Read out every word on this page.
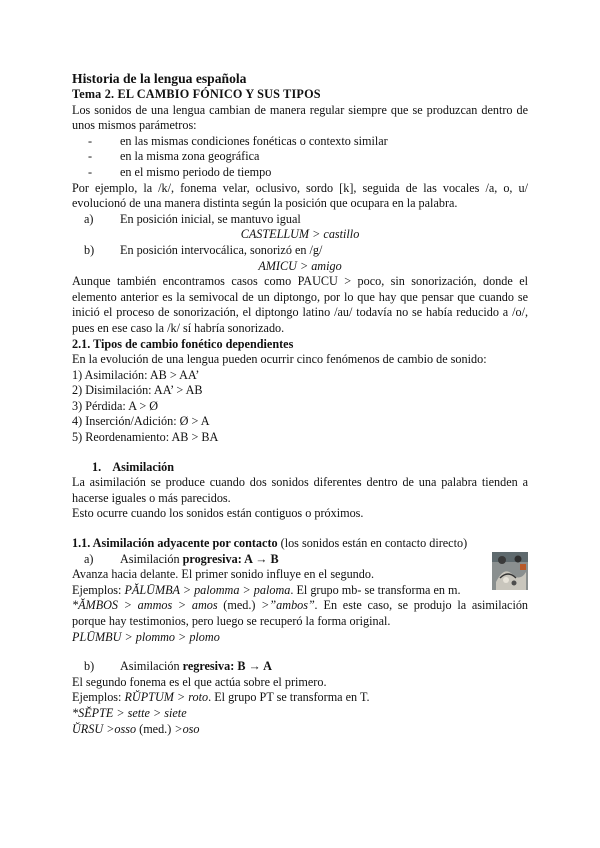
Historia de la lengua española

Tema 2. EL CAMBIO FÓNICO Y SUS TIPOS

Los sonidos de una lengua cambian de manera regular siempre que se produzcan dentro de unos mismos parámetros:

- en las mismas condiciones fonéticas o contexto similar
- en la misma zona geográfica
- en el mismo periodo de tiempo

Por ejemplo, la /k/, fonema velar, oclusivo, sordo [k], seguida de las vocales /a, o, u/ evolucionó de una manera distinta según la posición que ocupara en la palabra.

a) En posición inicial, se mantuvo igual

CASTELLUM > castillo

b) En posición intervocálica, sonorizó en /g/

AMICU > amigo

Aunque también encontramos casos como PAUCU > poco, sin sonorización, donde el elemento anterior es la semivocal de un diptongo, por lo que hay que pensar que cuando se inició el proceso de sonorización, el diptongo latino /au/ todavía no se había reducido a /o/, pues en ese caso la /k/ sí habría sonorizado.

2.1. Tipos de cambio fonético dependientes

En la evolución de una lengua pueden ocurrir cinco fenómenos de cambio de sonido:

1) Asimilación: AB > AA’

2) Disimilación: AA’ > AB

3) Pérdida: A > Ø

4) Inserción/Adición: Ø > A

5) Reordenamiento: AB > BA

1. Asimilación

La asimilación se produce cuando dos sonidos diferentes dentro de una palabra tienden a hacerse iguales o más parecidos.

Esto ocurre cuando los sonidos están contiguos o próximos.

1.1. Asimilación adyacente por contacto (los sonidos están en contacto directo)

a) Asimilación progresiva: A → B

Avanza hacia delante. El primer sonido influye en el segundo.

Ejemplos: PĂLŪMBA > palomma > paloma. El grupo mb- se transforma en m.

*ĂMBOS > ammos > amos (med.) >”ambos”. En este caso, se produjo la asimilación porque hay testimonios, pero luego se recuperó la forma original.

PLŪMBU > plommo > plomo

b) Asimilación regresiva: B → A

El segundo fonema es el que actúa sobre el primero.

Ejemplos: RŬPTUM > roto. El grupo PT se transforma en T.

*SĔPTE > sette > siete

ŬRSU >osso (med.) >oso
